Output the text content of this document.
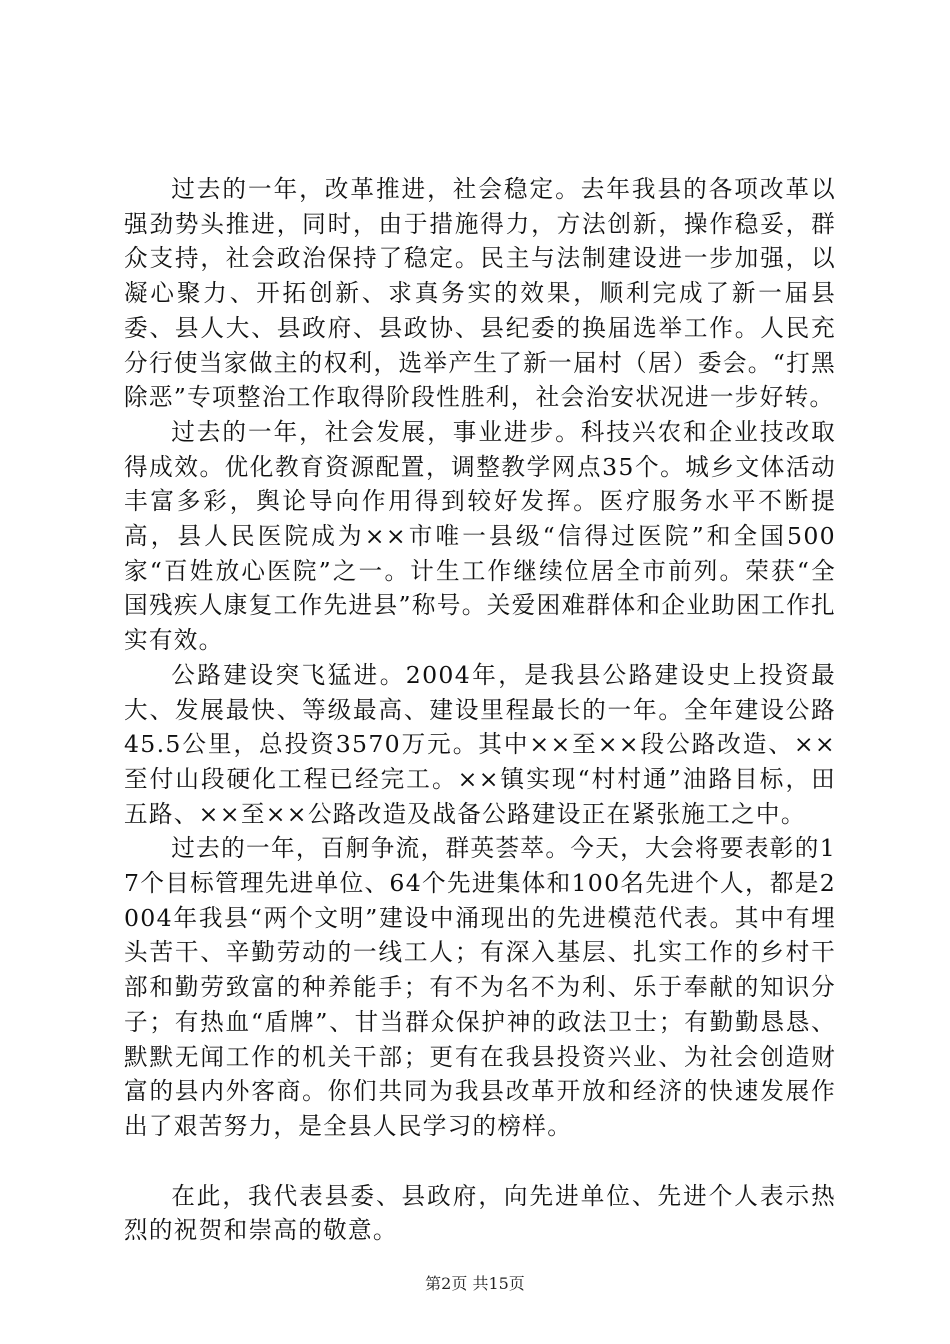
过去的一年，改革推进，社会稳定。去年我县的各项改革以强劲势头推进，同时，由于措施得力，方法创新，操作稳妥，群众支持，社会政治保持了稳定。民主与法制建设进一步加强，以凝心聚力、开拓创新、求真务实的效果，顺利完成了新一届县委、县人大、县政府、县政协、县纪委的换届选举工作。人民充分行使当家做主的权利，选举产生了新一届村（居）委会。“打黑除恶”专项整治工作取得阶段性胜利，社会治安状况进一步好转。

过去的一年，社会发展，事业进步。科技兴农和企业技改取得成效。优化教育资源配置，调整教学网点35个。城乡文体活动丰富多彩，舆论导向作用得到较好发挥。医疗服务水平不断提高，县人民医院成为××市唯一县级“信得过医院”和全国500家“百姓放心医院”之一。计生工作继续位居全市前列。荣获“全国残疾人康复工作先进县”称号。关爱困难群体和企业助困工作扎实有效。

公路建设突飞猛进。2004年，是我县公路建设史上投资最大、发展最快、等级最高、建设里程最长的一年。全年建设公路45.5公里，总投资3570万元。其中××至××段公路改造、××至付山段硬化工程已经完工。××镇实现“村村通”油路目标，田五路、××至××公路改造及战备公路建设正在紧张施工之中。

过去的一年，百舸争流，群英荟萃。今天，大会将要表彰的17个目标管理先进单位、64个先进集体和100名先进个人，都是2004年我县“两个文明”建设中涌现出的先进模范代表。其中有埋头苦干、辛勤劳动的一线工人；有深入基层、扎实工作的乡村干部和勤劳致富的种养能手；有不为名不为利、乐于奉献的知识分子；有热血“盾牌”、甘当群众保护神的政法卫士；有勤勤恳恳、默默无闻工作的机关干部；更有在我县投资兴业、为社会创造财富的县内外客商。你们共同为我县改革开放和经济的快速发展作出了艰苦努力，是全县人民学习的榜样。

在此，我代表县委、县政府，向先进单位、先进个人表示热烈的祝贺和崇高的敬意。

第2页 共15页
